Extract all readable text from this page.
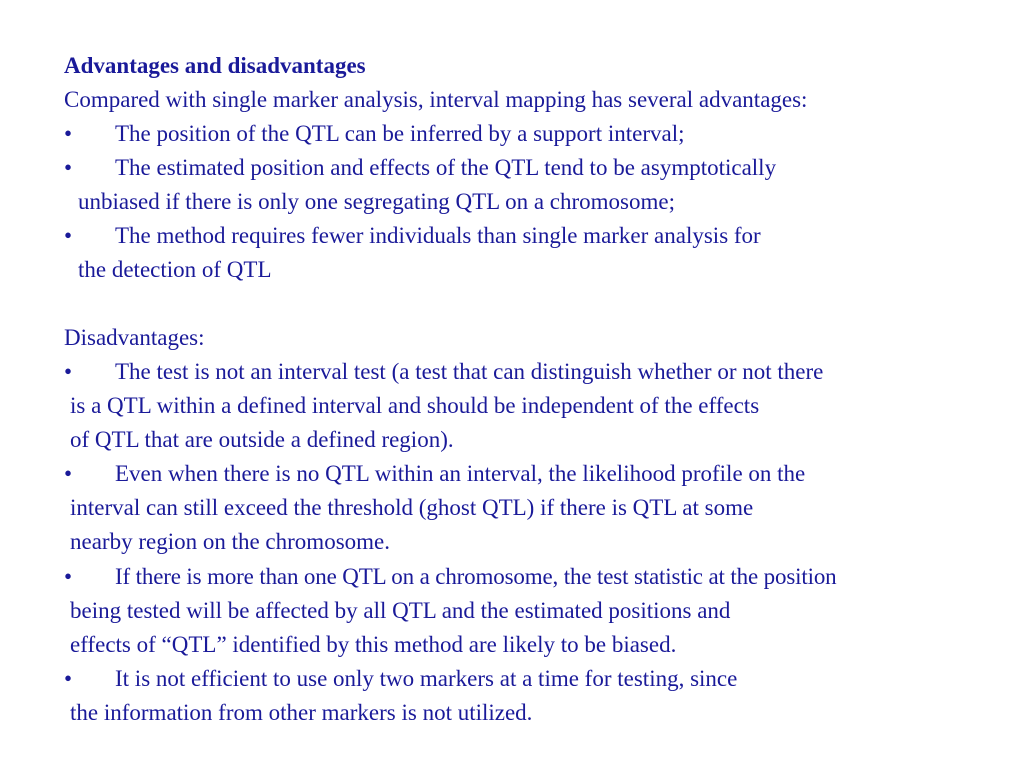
Advantages and disadvantages
Compared with single marker analysis, interval mapping has several advantages:
• The position of the QTL can be inferred by a support interval;
• The estimated position and effects of the QTL tend to be asymptotically
unbiased if there is only one segregating QTL on a chromosome;
• The method requires fewer individuals than single marker analysis for
the detection of QTL
Disadvantages:
• The test is not an interval test (a test that can distinguish whether or not there
is a QTL within a defined interval and should be independent of the effects
of QTL that are outside a defined region).
• Even when there is no QTL within an interval, the likelihood profile on the
interval can still exceed the threshold (ghost QTL) if there is QTL at some
nearby region on the chromosome.
• If there is more than one QTL on a chromosome, the test statistic at the position
being tested will be affected by all QTL and the estimated positions and
effects of “QTL” identified by this method are likely to be biased.
• It is not efficient to use only two markers at a time for testing, since
the information from other markers is not utilized.
